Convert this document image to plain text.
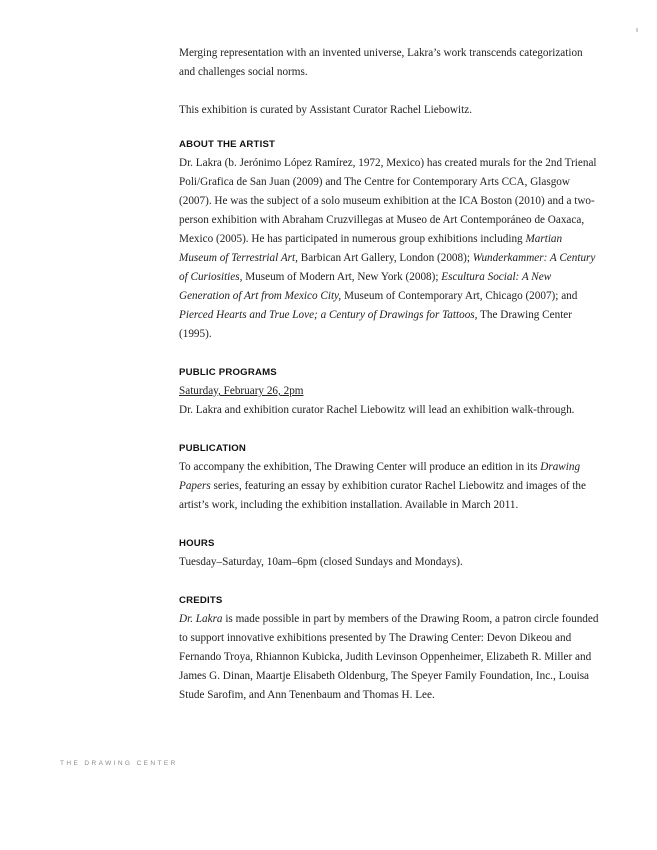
Merging representation with an invented universe, Lakra’s work transcends categorization and challenges social norms.

This exhibition is curated by Assistant Curator Rachel Liebowitz.

ABOUT THE ARTIST

Dr. Lakra (b. Jerónimo López Ramírez, 1972, Mexico) has created murals for the 2nd Trienal Poli/Grafica de San Juan (2009) and The Centre for Contemporary Arts CCA, Glasgow (2007). He was the subject of a solo museum exhibition at the ICA Boston (2010) and a two-person exhibition with Abraham Cruzvillegas at Museo de Art Contemporáneo de Oaxaca, Mexico (2005). He has participated in numerous group exhibitions including Martian Museum of Terrestrial Art, Barbican Art Gallery, London (2008); Wunderkammer: A Century of Curiosities, Museum of Modern Art, New York (2008); Escultura Social: A New Generation of Art from Mexico City, Museum of Contemporary Art, Chicago (2007); and Pierced Hearts and True Love; a Century of Drawings for Tattoos, The Drawing Center (1995).

PUBLIC PROGRAMS

Saturday, February 26, 2pm

Dr. Lakra and exhibition curator Rachel Liebowitz will lead an exhibition walk-through.

PUBLICATION

To accompany the exhibition, The Drawing Center will produce an edition in its Drawing Papers series, featuring an essay by exhibition curator Rachel Liebowitz and images of the artist’s work, including the exhibition installation. Available in March 2011.

HOURS

Tuesday–Saturday, 10am–6pm (closed Sundays and Mondays).

CREDITS

Dr. Lakra is made possible in part by members of the Drawing Room, a patron circle founded to support innovative exhibitions presented by The Drawing Center: Devon Dikeou and Fernando Troya, Rhiannon Kubicka, Judith Levinson Oppenheimer, Elizabeth R. Miller and James G. Dinan, Maartje Elisabeth Oldenburg, The Speyer Family Foundation, Inc., Louisa Stude Sarofim, and Ann Tenenbaum and Thomas H. Lee.

THE DRAWING CENTER
